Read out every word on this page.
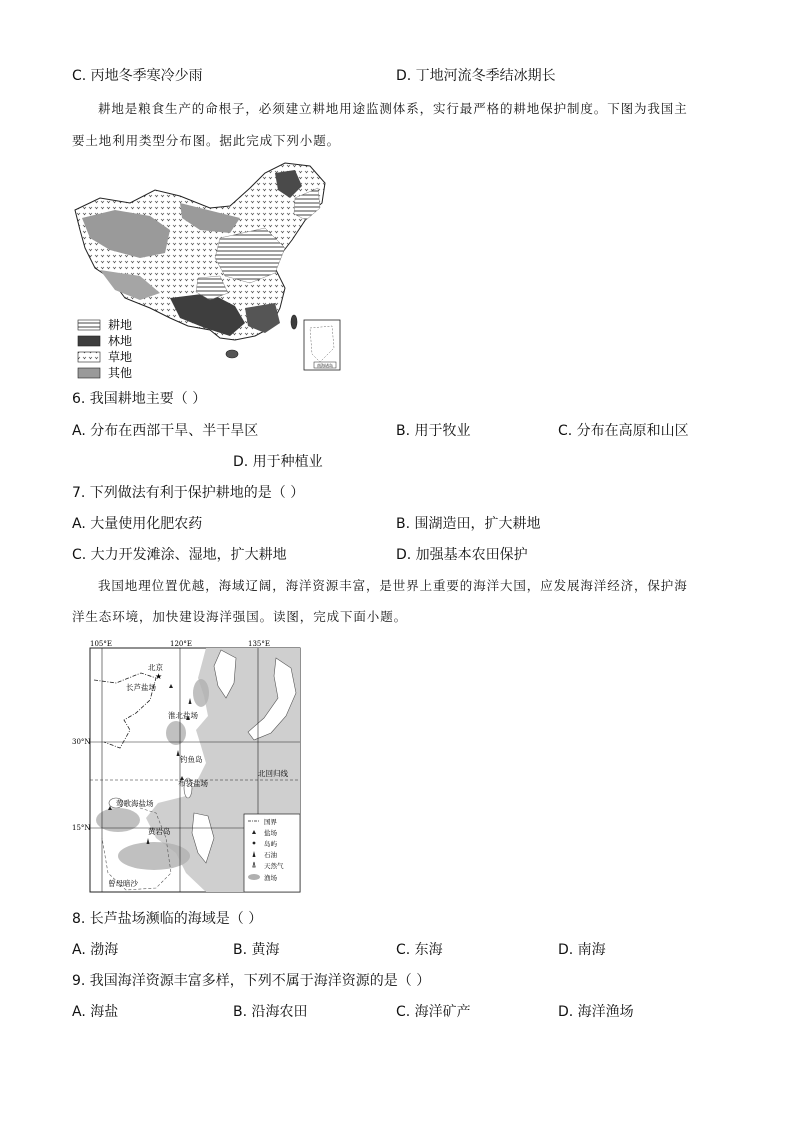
C. 丙地冬季寒冷少雨	D. 丁地河流冬季结冰期长
耕地是粮食生产的命根子，必须建立耕地用途监测体系，实行最严格的耕地保护制度。下图为我国主
要土地利用类型分布图。据此完成下列小题。
南海诸岛
耕地
林地
草地
其他
6. 我国耕地主要（ ）
A. 分布在西部干旱、半干旱区	B. 用于牧业	C. 分布在高原和山区
D. 用于种植业
7. 下列做法有利于保护耕地的是（ ）
A. 大量使用化肥农药	B. 围湖造田，扩大耕地
C. 大力开发滩涂、湿地，扩大耕地	D. 加强基本农田保护
我国地理位置优越，海域辽阔，海洋资源丰富，是世界上重要的海洋大国，应发展海洋经济，保护海
洋生态环境，加快建设海洋强国。读图，完成下面小题。
★
105°E	120°E	135°E
30°N
15°N
北京
长芦盐场
淮北盐场
钓鱼岛
布袋盐场
北回归线
莺歌海盐场
黄岩岛
曾母暗沙
国界
盐场
岛屿
石油
天然气
渔场
8. 长芦盐场濒临的海域是（ ）
A. 渤海	B. 黄海	C. 东海	D. 南海
9. 我国海洋资源丰富多样，下列不属于海洋资源的是（ ）
A. 海盐	B. 沿海农田	C. 海洋矿产	D. 海洋渔场
